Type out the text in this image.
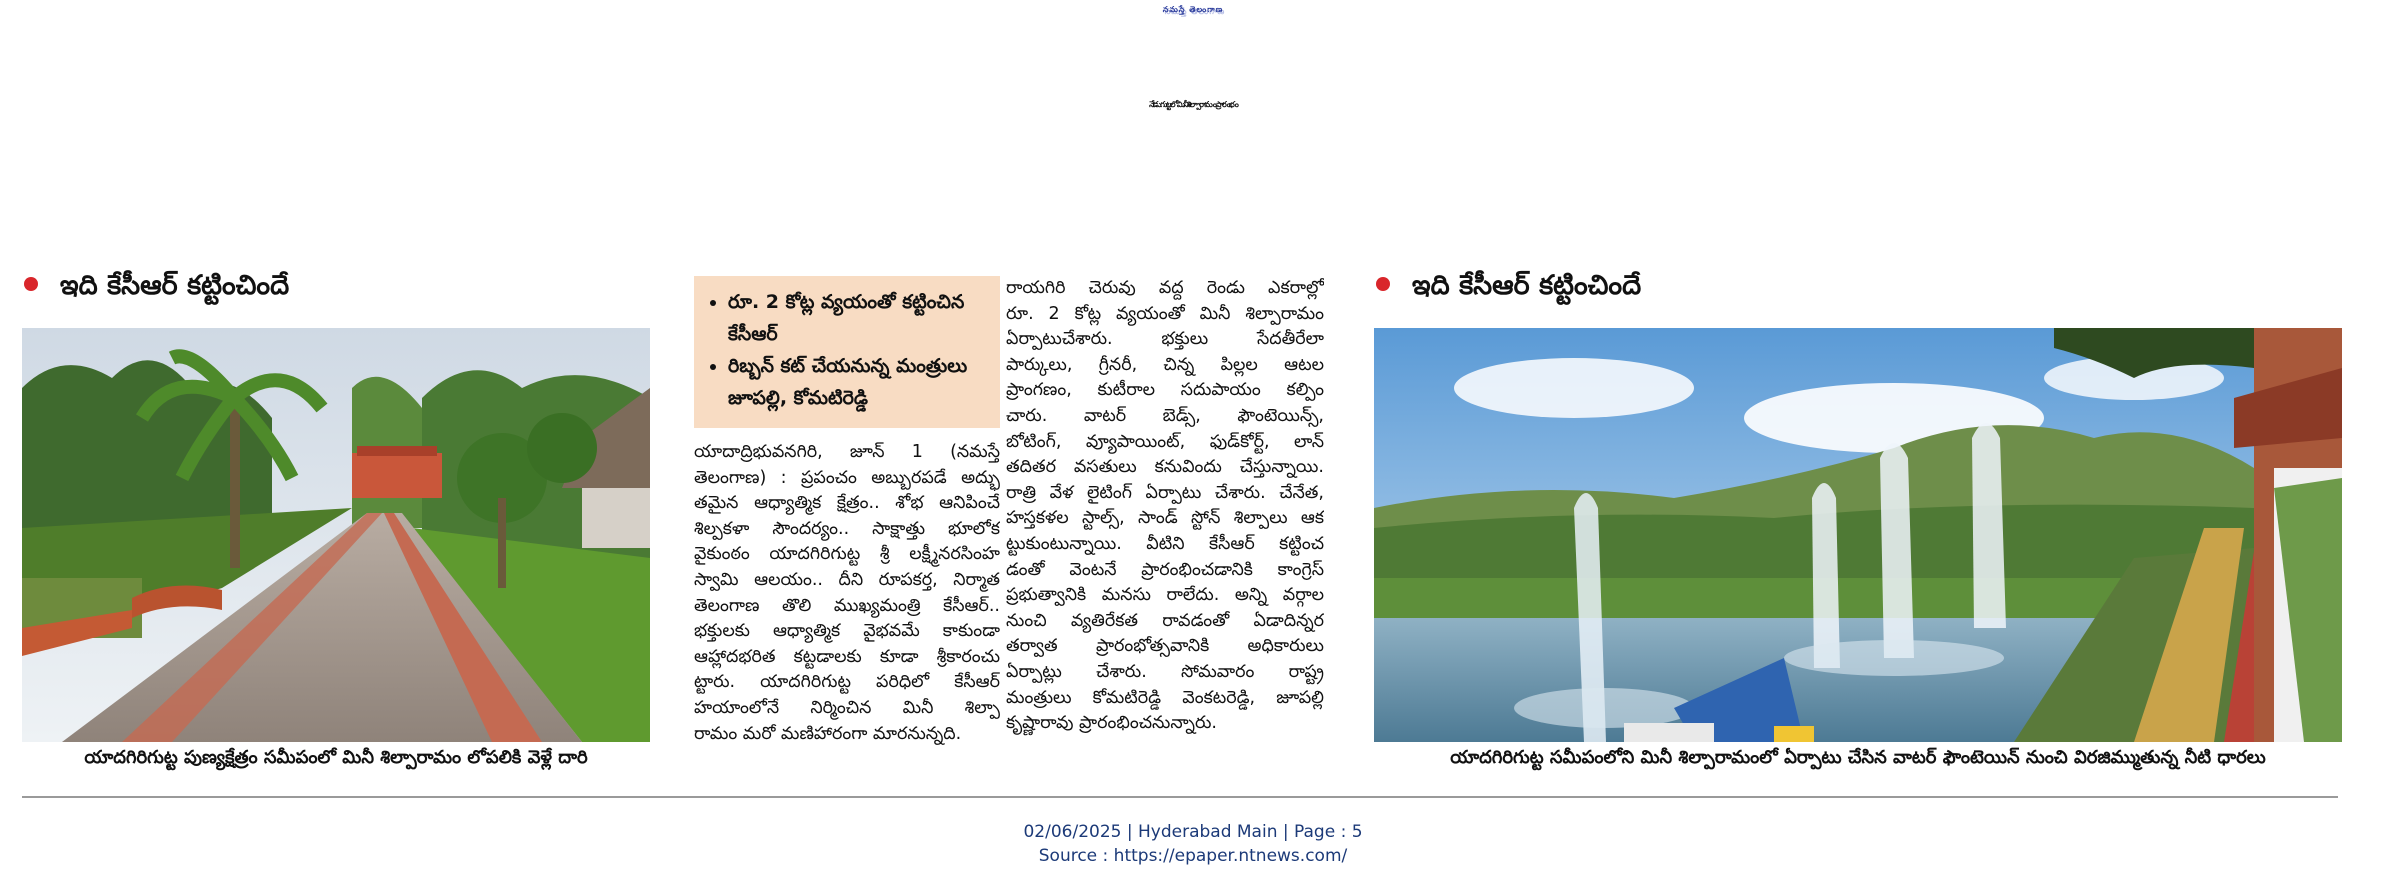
నమస్తే తెలంగాణ
నేడు గుట్టలో మినీశిల్పారామం ప్రారంభం
ఇది కేసీఆర్ కట్టించిందే
యాదగిరిగుట్ట పుణ్యక్షేత్రం సమీపంలో మినీ శిల్పారామం లోపలికి వెళ్లే దారి
• రూ. 2 కోట్ల వ్యయంతో కట్టించిన కేసీఆర్
• రిబ్బన్ కట్ చేయనున్న మంత్రులు జూపల్లి, కోమటిరెడ్డి
యాదాద్రిభువనగిరి, జూన్ 1 (నమస్తే
తెలంగాణ) : ప్రపంచం అబ్బురపడే అద్భు
తమైన ఆధ్యాత్మిక క్షేత్రం.. శోభ ఆనిపించే
శిల్పకళా సౌందర్యం.. సాక్షాత్తు భూలోక
వైకుంఠం యాదగిరిగుట్ట శ్రీ లక్ష్మీనరసింహ
స్వామి ఆలయం.. దీని రూపకర్త, నిర్మాత
తెలంగాణ తొలి ముఖ్యమంత్రి కేసీఆర్..
భక్తులకు ఆధ్యాత్మిక వైభవమే కాకుండా
ఆహ్లాదభరిత కట్టడాలకు కూడా శ్రీకారంచు
ట్టారు. యాదగిరిగుట్ట పరిధిలో కేసీఆర్
హయాంలోనే నిర్మించిన మినీ శిల్పా
రామం మరో మణిహారంగా మారనున్నది.
రాయగిరి చెరువు వద్ద రెండు ఎకరాల్లో
రూ. 2 కోట్ల వ్యయంతో మినీ శిల్పారామం
ఏర్పాటుచేశారు. భక్తులు సేదతీరేలా
పార్కులు, గ్రీనరీ, చిన్న పిల్లల ఆటల
ప్రాంగణం, కుటీరాల సదుపాయం కల్పిం
చారు. వాటర్ బెడ్స్, ఫౌంటెయిన్స్,
బోటింగ్, వ్యూపాయింట్, ఫుడ్‌కోర్ట్, లాన్
తదితర వసతులు కనువిందు చేస్తున్నాయి.
రాత్రి వేళ లైటింగ్ ఏర్పాటు చేశారు. చేనేత,
హస్తకళల స్టాల్స్, సాండ్ స్టోన్ శిల్పాలు ఆక
ట్టుకుంటున్నాయి. వీటిని కేసీఆర్ కట్టించ
డంతో వెంటనే ప్రారంభించడానికి కాంగ్రెస్
ప్రభుత్వానికి మనసు రాలేదు. అన్ని వర్గాల
నుంచి వ్యతిరేకత రావడంతో ఏడాదిన్నర
తర్వాత ప్రారంభోత్సవానికి అధికారులు
ఏర్పాట్లు చేశారు. సోమవారం రాష్ట్ర
మంత్రులు కోమటిరెడ్డి వెంకటరెడ్డి, జూపల్లి
కృష్ణారావు ప్రారంభించనున్నారు.
ఇది కేసీఆర్ కట్టించిందే
యాదగిరిగుట్ట సమీపంలోని మినీ శిల్పారామంలో ఏర్పాటు చేసిన వాటర్ ఫౌంటెయిన్ నుంచి విరజిమ్ముతున్న నీటి ధారలు
02/06/2025 | Hyderabad Main | Page : 5
Source : https://epaper.ntnews.com/
